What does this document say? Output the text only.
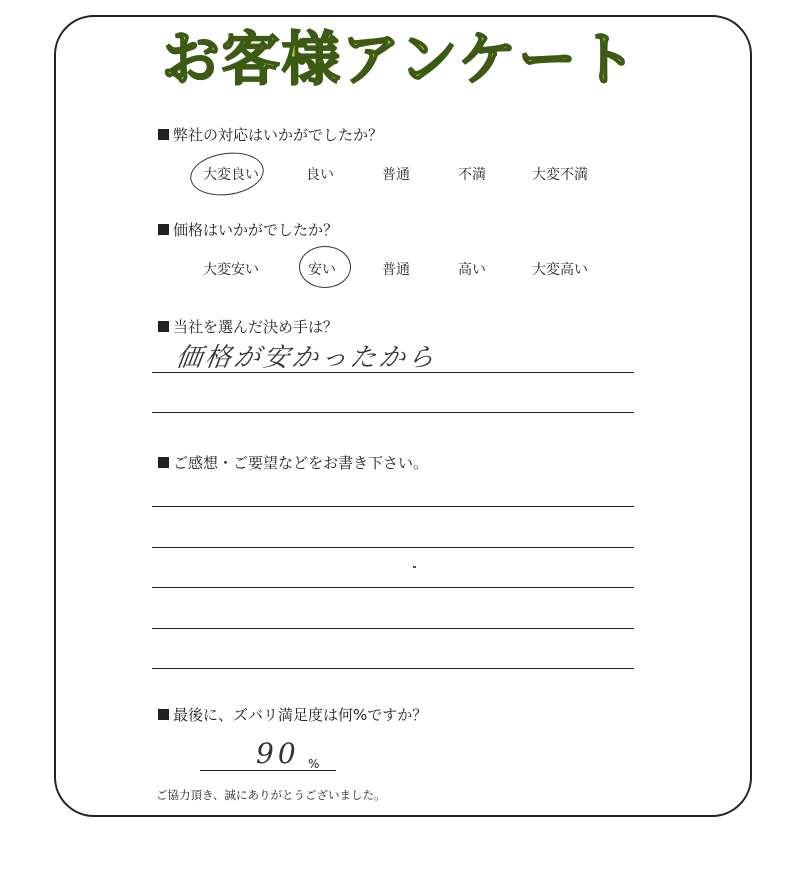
お客様アンケート
弊社の対応はいかがでしたか？
大変良い	良い	普通	不満	大変不満
価格はいかがでしたか？
大変安い	安い	普通	高い	大変高い
当社を選んだ決め手は？
価格が安かったから
ご感想・ご要望などをお書き下さい。
最後に、ズバリ満足度は何%ですか？
90 %
ご協力頂き、誠にありがとうございました。
